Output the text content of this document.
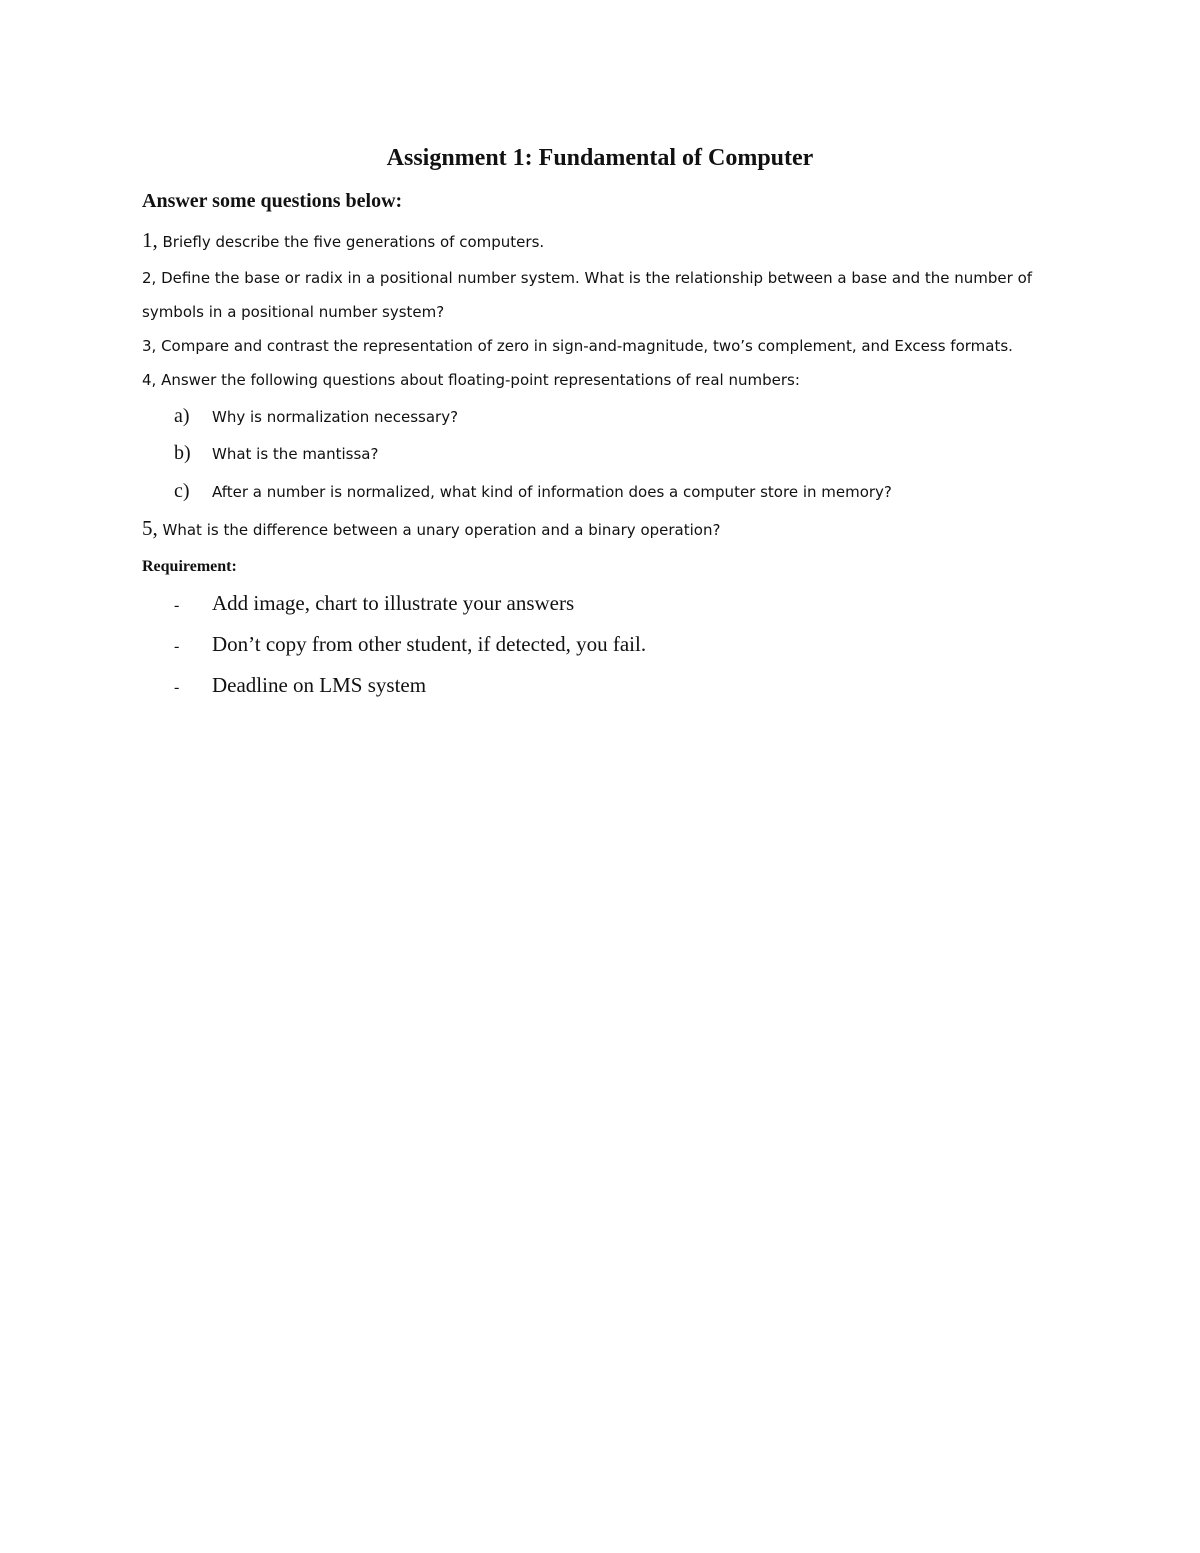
Assignment 1: Fundamental of Computer
Answer some questions below:
1, Briefly describe the five generations of computers.
2, Define the base or radix in a positional number system. What is the relationship between a base and the number of
symbols in a positional number system?
3, Compare and contrast the representation of zero in sign-and-magnitude, two’s complement, and Excess formats.
4, Answer the following questions about floating-point representations of real numbers:
a) Why is normalization necessary?
b) What is the mantissa?
c) After a number is normalized, what kind of information does a computer store in memory?
5, What is the difference between a unary operation and a binary operation?
Requirement:
- Add image, chart to illustrate your answers
- Don’t copy from other student, if detected, you fail.
- Deadline on LMS system
